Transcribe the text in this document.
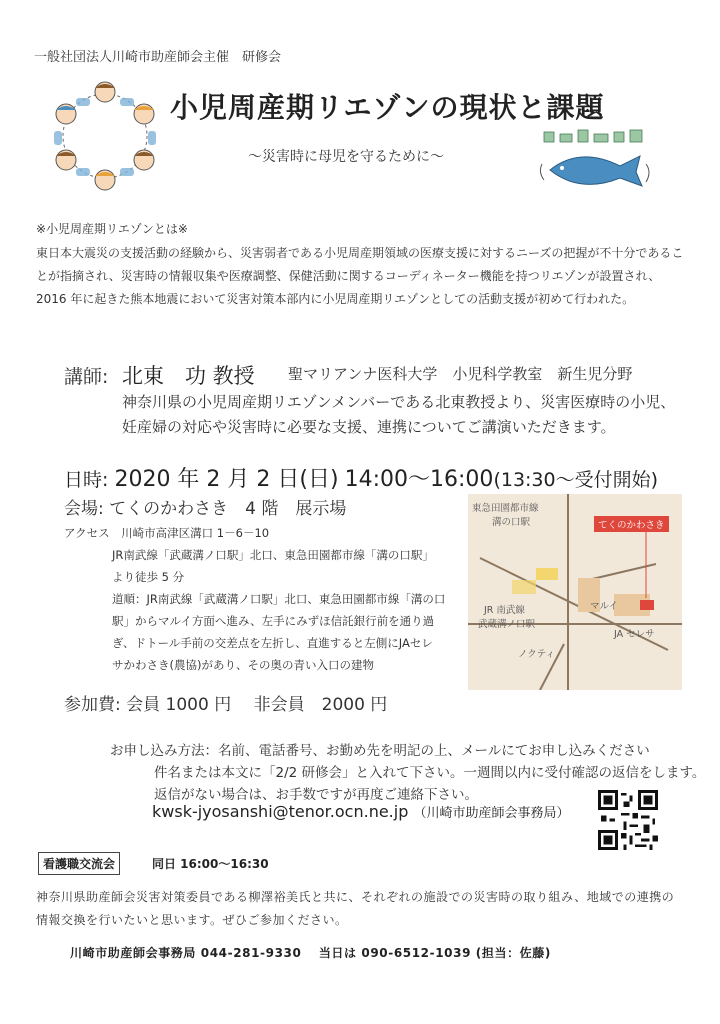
一般社団法人川崎市助産師会主催　研修会
小児周産期リエゾンの現状と課題
～災害時に母児を守るために～
※小児周産期リエゾンとは※
東日本大震災の支援活動の経験から、災害弱者である小児周産期領域の医療支援に対するニーズの把握が不十分であることが指摘され、災害時の情報収集や医療調整、保健活動に関するコーディネーター機能を持つリエゾンが設置され、2016 年に起きた熊本地震において災害対策本部内に小児周産期リエゾンとしての活動支援が初めて行われた。
講師: 北東　功 教授 聖マリアンナ医科大学　小児科学教室　新生児分野
神奈川県の小児周産期リエゾンメンバーである北東教授より、災害医療時の小児、妊産婦の対応や災害時に必要な支援、連携についてご講演いただきます。
日時: 2020 年 2 月 2 日(日) 14:00～16:00(13:30～受付開始)
会場: てくのかわさき　4 階　展示場
アクセス　 川崎市高津区溝口 1－6－10
JR南武線「武蔵溝ノ口駅」北口、東急田園都市線「溝の口駅」
より徒歩 5 分
道順：JR南武線「武蔵溝ノ口駅」北口、東急田園都市線「溝の口
駅」からマルイ方面へ進み、左手にみずほ信託銀行前を通り過
ぎ、ドトール手前の交差点を左折し、直進すると左側にJAセレ
サかわさき(農協)があり、その奥の青い入口の建物
東急田園都市線
溝の口駅	てくのかわさき
マルイ
JR 南武線
武蔵溝ノ口駅
JA セレサ
ノクティ
参加費: 会員 1000 円　 非会員　2000 円
お申し込み方法：名前、電話番号、お勤め先を明記の上、メールにてお申し込みください
件名または本文に「2/2 研修会」と入れて下さい。一週間以内に受付確認の返信をします。
返信がない場合は、お手数ですが再度ご連絡下さい。
kwsk-jyosanshi@tenor.ocn.ne.jp （川崎市助産師会事務局）
看護職交流会	同日 16:00～16:30
神奈川県助産師会災害対策委員である柳澤裕美氏と共に、それぞれの施設での災害時の取り組み、地域での連携の情報交換を行いたいと思います。ぜひご参加ください。
川崎市助産師会事務局 044-281-9330　 当日は 090-6512-1039 (担当：佐藤)
